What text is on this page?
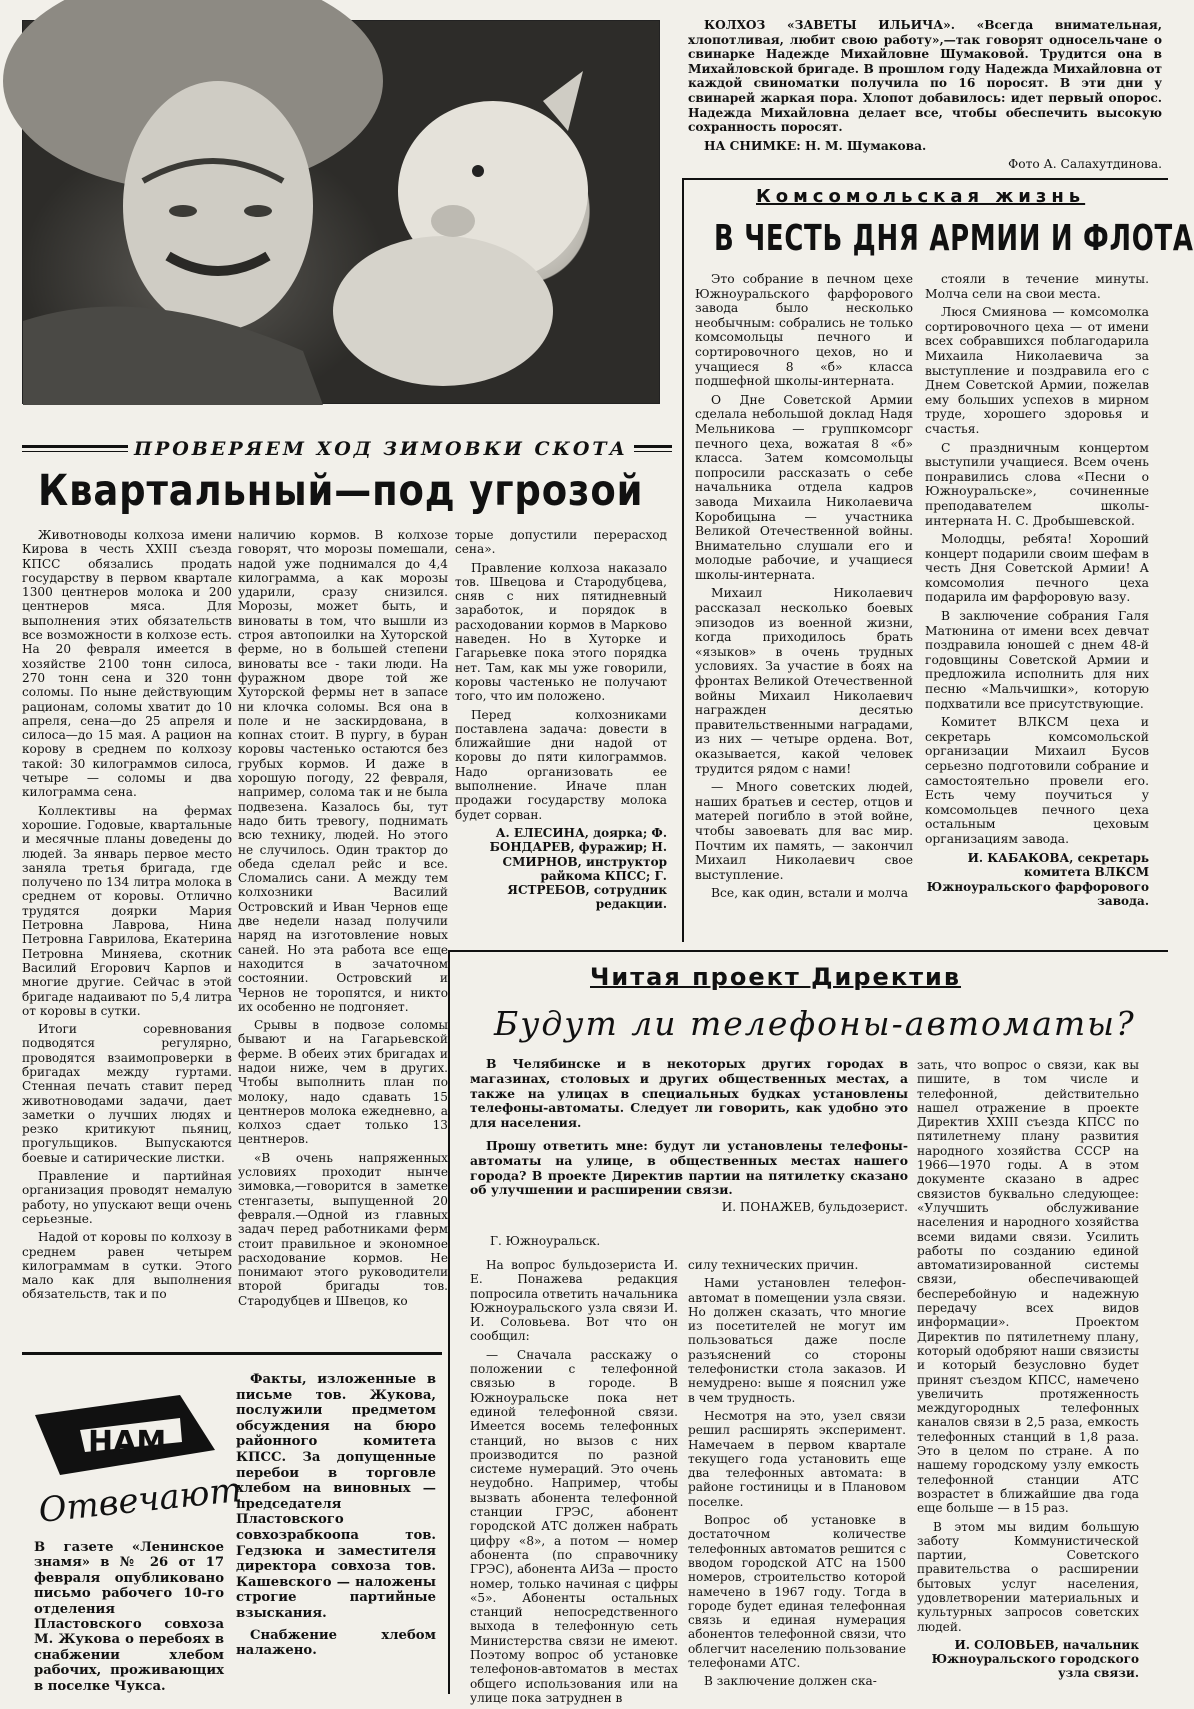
КОЛХОЗ «ЗАВЕТЫ ИЛЬИЧА». «Всегда внимательная, хлопотливая, любит свою работу»,—так говорят односельчане о свинарке Надежде Михайловне Шумаковой. Трудится она в Михайловской бригаде. В прошлом году Надежда Михайловна от каждой свиноматки получила по 16 поросят. В эти дни у свинарей жаркая пора. Хлопот добавилось: идет первый опорос. Надежда Михайловна делает все, чтобы обеспечить высокую сохранность поросят.

НА СНИМКЕ: Н. М. Шумакова.

Фото А. Салахутдинова.

Комсомольская жизнь
В ЧЕСТЬ ДНЯ АРМИИ И ФЛОТА

Это собрание в печном цехе Южноуральского фарфорового завода было несколько необычным: собрались не только комсомольцы печного и сортировочного цехов, но и учащиеся 8 «б» класса подшефной школы-интерната.

О Дне Советской Армии сделала небольшой доклад Надя Мельникова — группкомсорг печного цеха, вожатая 8 «б» класса. Затем комсомольцы попросили рассказать о себе начальника отдела кадров завода Михаила Николаевича Коробицына — участника Великой Отечественной войны. Внимательно слушали его и молодые рабочие, и учащиеся школы-интерната.

Михаил Николаевич рассказал несколько боевых эпизодов из военной жизни, когда приходилось брать «языков» в очень трудных условиях. За участие в боях на фронтах Великой Отечественной войны Михаил Николаевич награжден десятью правительственными наградами, из них — четыре ордена. Вот, оказывается, какой человек трудится рядом с нами!

— Много советских людей, наших братьев и сестер, отцов и матерей погибло в этой войне, чтобы завоевать для вас мир. Почтим их память, — закончил Михаил Николаевич свое выступление.

Все, как один, встали и молча

стояли в течение минуты. Молча сели на свои места.

Люся Смиянова — комсомолка сортировочного цеха — от имени всех собравшихся поблагодарила Михаила Николаевича за выступление и поздравила его с Днем Советской Армии, пожелав ему больших успехов в мирном труде, хорошего здоровья и счастья.

С праздничным концертом выступили учащиеся. Всем очень понравились слова «Песни о Южноуральске», сочиненные преподавателем школы-интерната Н. С. Дробышевской.

Молодцы, ребята! Хороший концерт подарили своим шефам в честь Дня Советской Армии! А комсомолия печного цеха подарила им фарфоровую вазу.

В заключение собрания Галя Матюнина от имени всех девчат поздравила юношей с днем 48-й годовщины Советской Армии и предложила исполнить для них песню «Мальчишки», которую подхватили все присутствующие.

Комитет ВЛКСМ цеха и секретарь комсомольской организации Михаил Бусов серьезно подготовили собрание и самостоятельно провели его. Есть чему поучиться у комсомольцев печного цеха остальным цеховым организациям завода.

И. КАБАКОВА, секретарь комитета ВЛКСМ Южноуральского фарфорового завода.

ПРОВЕРЯЕМ ХОД ЗИМОВКИ СКОТА
Квартальный—под угрозой

Животноводы колхоза имени Кирова в честь XXIII съезда КПСС обязались продать государству в первом квартале 1300 центнеров молока и 200 центнеров мяса. Для выполнения этих обязательств все возможности в колхозе есть. На 20 февраля имеется в хозяйстве 2100 тонн силоса, 270 тонн сена и 320 тонн соломы. По ныне действующим рационам, соломы хватит до 10 апреля, сена—до 25 апреля и силоса—до 15 мая. А рацион на корову в среднем по колхозу такой: 30 килограммов силоса, четыре — соломы и два килограмма сена.

Коллективы на фермах хорошие. Годовые, квартальные и месячные планы доведены до людей. За январь первое место заняла третья бригада, где получено по 134 литра молока в среднем от коровы. Отлично трудятся доярки Мария Петровна Лаврова, Нина Петровна Гаврилова, Екатерина Петровна Миняева, скотник Василий Егорович Карпов и многие другие. Сейчас в этой бригаде надаивают по 5,4 литра от коровы в сутки.

Итоги соревнования подводятся регулярно, проводятся взаимопроверки в бригадах между гуртами. Стенная печать ставит перед животноводами задачи, дает заметки о лучших людях и резко критикуют пьяниц, прогульщиков. Выпускаются боевые и сатирические листки.

Правление и партийная организация проводят немалую работу, но упускают вещи очень серьезные.

Надой от коровы по колхозу в среднем равен четырем килограммам в сутки. Этого мало как для выполнения обязательств, так и по

наличию кормов. В колхозе говорят, что морозы помешали, надой уже поднимался до 4,4 килограмма, а как морозы ударили, сразу снизился. Морозы, может быть, и виноваты в том, что вышли из строя автопоилки на Хуторской ферме, но в большей степени виноваты все - таки люди. На фуражном дворе той же Хуторской фермы нет в запасе ни клочка соломы. Вся она в поле и не заскирдована, в копнах стоит. В пургу, в буран коровы частенько остаются без грубых кормов. И даже в хорошую погоду, 22 февраля, например, солома так и не была подвезена. Казалось бы, тут надо бить тревогу, поднимать всю технику, людей. Но этого не случилось. Один трактор до обеда сделал рейс и все. Сломались сани. А между тем колхозники Василий Островский и Иван Чернов еще две недели назад получили наряд на изготовление новых саней. Но эта работа все еще находится в зачаточном состоянии. Островский и Чернов не торопятся, и никто их особенно не подгоняет.

Срывы в подвозе соломы бывают и на Гагарьевской ферме. В обеих этих бригадах и надои ниже, чем в других. Чтобы выполнить план по молоку, надо сдавать 15 центнеров молока ежедневно, а колхоз сдает только 13 центнеров.

«В очень напряженных условиях проходит нынче зимовка,—говорится в заметке стенгазеты, выпущенной 20 февраля.—Одной из главных задач перед работниками ферм стоит правильное и экономное расходование кормов. Не понимают этого руководители второй бригады тов. Стародубцев и Швецов, ко

торые допустили перерасход сена».

Правление колхоза наказало тов. Швецова и Стародубцева, сняв с них пятидневный заработок, и порядок в расходовании кормов в Марково наведен. Но в Хуторке и Гагарьевке пока этого порядка нет. Там, как мы уже говорили, коровы частенько не получают того, что им положено.

Перед колхозниками поставлена задача: довести в ближайшие дни надой от коровы до пяти килограммов. Надо организовать ее выполнение. Иначе план продажи государству молока будет сорван.

А. ЕЛЕСИНА, доярка; Ф. БОНДАРЕВ, фуражир; Н. СМИРНОВ, инструктор райкома КПСС; Г. ЯСТРЕБОВ, сотрудник редакции.

Читая проект Директив
Будут ли телефоны-автоматы?

В Челябинске и в некоторых других городах в магазинах, столовых и других общественных местах, а также на улицах в специальных будках установлены телефоны-автоматы. Следует ли говорить, как удобно это для населения.

Прошу ответить мне: будут ли установлены телефоны-автоматы на улице, в общественных местах нашего города? В проекте Директив партии на пятилетку сказано об улучшении и расширении связи.

И. ПОНАЖЕВ, бульдозерист.
Г. Южноуральск.

На вопрос бульдозериста И. Е. Понажева редакция попросила ответить начальника Южноуральского узла связи И. И. Соловьева. Вот что он сообщил:

— Сначала расскажу о положении с телефонной связью в городе. В Южноуральске пока нет единой телефонной связи. Имеется восемь телефонных станций, но вызов с них производится по разной системе нумераций. Это очень неудобно. Например, чтобы вызвать абонента телефонной станции ГРЭС, абонент городской АТС должен набрать цифру «8», а потом — номер абонента (по справочнику ГРЭС), абонента АИЗа — просто номер, только начиная с цифры «5». Абоненты остальных станций непосредственного выхода в телефонную сеть Министерства связи не имеют. Поэтому вопрос об установке телефонов-автоматов в местах общего использования или на улице пока затруднен в

силу технических причин.

Нами установлен телефон-автомат в помещении узла связи. Но должен сказать, что многие из посетителей не могут им пользоваться даже после разъяснений со стороны телефонистки стола заказов. И немудрено: выше я пояснил уже в чем трудность.

Несмотря на это, узел связи решил расширять эксперимент. Намечаем в первом квартале текущего года установить еще два телефонных автомата: в районе гостиницы и в Плановом поселке.

Вопрос об установке в достаточном количестве телефонных автоматов решится с вводом городской АТС на 1500 номеров, строительство которой намечено в 1967 году. Тогда в городе будет единая телефонная связь и единая нумерация абонентов телефонной связи, что облегчит населению пользование телефонами АТС.

В заключение должен ска-

зать, что вопрос о связи, как вы пишите, в том числе и телефонной, действительно нашел отражение в проекте Директив XXIII съезда КПСС по пятилетнему плану развития народного хозяйства СССР на 1966—1970 годы. А в этом документе сказано в адрес связистов буквально следующее: «Улучшить обслуживание населения и народного хозяйства всеми видами связи. Усилить работы по созданию единой автоматизированной системы связи, обеспечивающей бесперебойную и надежную передачу всех видов информации». Проектом Директив по пятилетнему плану, который одобряют наши связисты и который безусловно будет принят съездом КПСС, намечено увеличить протяженность междугородных телефонных каналов связи в 2,5 раза, емкость телефонных станций в 1,8 раза. Это в целом по стране. А по нашему городскому узлу емкость телефонной станции АТС возрастет в ближайшие два года еще больше — в 15 раз.

В этом мы видим большую заботу Коммунистической партии, Советского правительства о расширении бытовых услуг населения, удовлетворении материальных и культурных запросов советских людей.

И. СОЛОВЬЕВ, начальник Южноуральского городского узла связи.

НАМ
Отвечают
В газете «Ленинское знамя» в № 26 от 17 февраля опубликовано письмо рабочего 10-го отделения Пластовского совхоза М. Жукова о перебоях в снабжении хлебом рабочих, проживающих в поселке Чукса.

Факты, изложенные в письме тов. Жукова, послужили предметом обсуждения на бюро районного комитета КПСС. За допущенные перебои в торговле хлебом на виновных — председателя Пластовского совхозрабкоопа тов. Гедзюка и заместителя директора совхоза тов. Кашевского — наложены строгие партийные взыскания.

Снабжение хлебом налажено.
